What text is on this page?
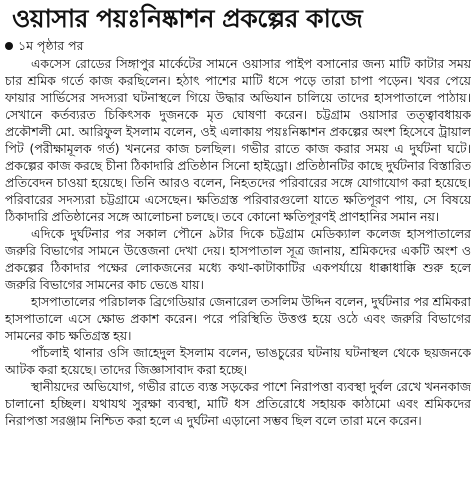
ওয়াসার পয়ঃনিষ্কাশন প্রকল্পের কাজে
১ম পৃষ্ঠার পর

একসেস রোডের সিঙ্গাপুর মার্কেটের সামনে ওয়াসার পাইপ বসানোর জন্য মাটি কাটার সময় চার শ্রমিক গর্তে কাজ করছিলেন। হঠাৎ পাশের মাটি ধসে পড়ে তারা চাপা পড়েন। খবর পেয়ে ফায়ার সার্ভিসের সদস্যরা ঘটনাস্থলে গিয়ে উদ্ধার অভিযান চালিয়ে তাদের হাসপাতালে পাঠায়। সেখানে কর্তব্যরত চিকিৎসক দুজনকে মৃত ঘোষণা করেন। চট্টগ্রাম ওয়াসার তত্ত্বাবধায়ক প্রকৌশলী মো. আরিফুল ইসলাম বলেন, ওই এলাকায় পয়ঃনিষ্কাশন প্রকল্পের অংশ হিসেবে ট্রায়াল পিট (পরীক্ষামূলক গর্ত) খননের কাজ চলছিল। গভীর রাতে কাজ করার সময় এ দুর্ঘটনা ঘটে। প্রকল্পের কাজ করছে চীনা ঠিকাদারি প্রতিষ্ঠান সিনো হাইড্রো। প্রতিষ্ঠানটির কাছে দুর্ঘটনার বিস্তারিত প্রতিবেদন চাওয়া হয়েছে। তিনি আরও বলেন, নিহতদের পরিবারের সঙ্গে যোগাযোগ করা হয়েছে। পরিবারের সদস্যরা চট্টগ্রামে এসেছেন। ক্ষতিগ্রস্ত পরিবারগুলো যাতে ক্ষতিপূরণ পায়, সে বিষয়ে ঠিকাদারি প্রতিষ্ঠানের সঙ্গে আলোচনা চলছে। তবে কোনো ক্ষতিপূরণই প্রাণহানির সমান নয়।

এদিকে দুর্ঘটনার পর সকাল পৌনে ৯টার দিকে চট্টগ্রাম মেডিক্যাল কলেজ হাসপাতালের জরুরি বিভাগের সামনে উত্তেজনা দেখা দেয়। হাসপাতাল সূত্র জানায়, শ্রমিকদের একটি অংশ ও প্রকল্পের ঠিকাদার পক্ষের লোকজনের মধ্যে কথা-কাটাকাটির একপর্যায়ে ধাক্কাধাক্কি শুরু হলে জরুরি বিভাগের সামনের কাচ ভেঙে যায়।

হাসপাতালের পরিচালক ব্রিগেডিয়ার জেনারেল তসলিম উদ্দিন বলেন, দুর্ঘটনার পর শ্রমিকরা হাসপাতালে এসে ক্ষোভ প্রকাশ করেন। পরে পরিস্থিতি উত্তপ্ত হয়ে ওঠে এবং জরুরি বিভাগের সামনের কাচ ক্ষতিগ্রস্ত হয়।

পাঁচলাই থানার ওসি জাহেদুল ইসলাম বলেন, ভাঙচুরের ঘটনায় ঘটনাস্থল থেকে ছয়জনকে আটক করা হয়েছে। তাদের জিজ্ঞাসাবাদ করা হচ্ছে।

স্থানীয়দের অভিযোগ, গভীর রাতে ব্যস্ত সড়কের পাশে নিরাপত্তা ব্যবস্থা দুর্বল রেখে খননকাজ চালানো হচ্ছিল। যথাযথ সুরক্ষা ব্যবস্থা, মাটি ধস প্রতিরোধে সহায়ক কাঠামো এবং শ্রমিকদের নিরাপত্তা সরঞ্জাম নিশ্চিত করা হলে এ দুর্ঘটনা এড়ানো সম্ভব ছিল বলে তারা মনে করেন।
